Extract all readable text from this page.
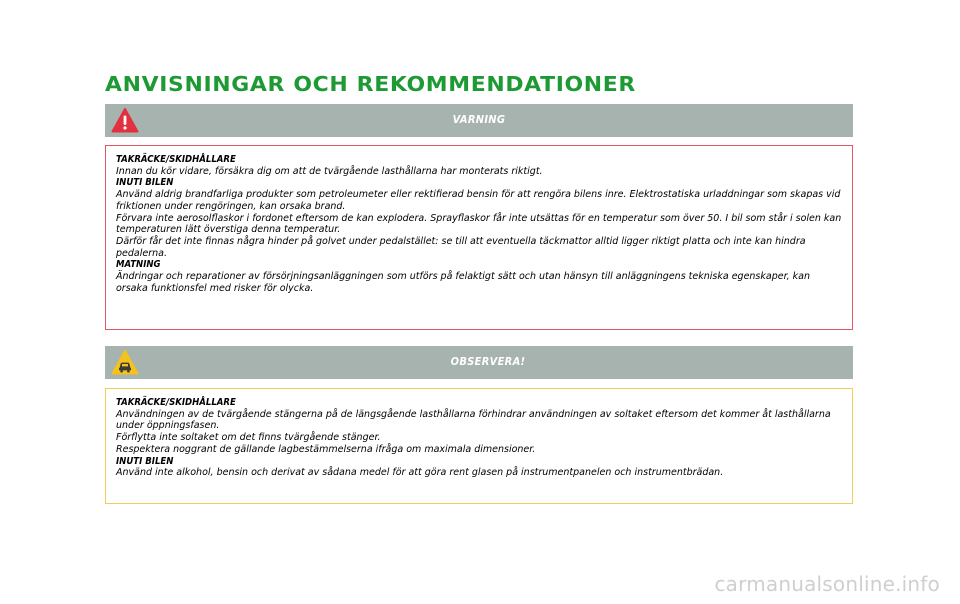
ANVISNINGAR OCH REKOMMENDATIONER
VARNING
TAKRÄCKE/SKIDHÅLLARE
Innan du kör vidare, försäkra dig om att de tvärgående lasthållarna har monterats riktigt.
INUTI BILEN
Använd aldrig brandfarliga produkter som petroleumeter eller rektifierad bensin för att rengöra bilens inre. Elektrostatiska urladdningar som skapas vid friktionen under rengöringen, kan orsaka brand.
Förvara inte aerosolflaskor i fordonet eftersom de kan explodera. Sprayflaskor får inte utsättas för en temperatur som över 50. I bil som står i solen kan temperaturen lätt överstiga denna temperatur.
Därför får det inte finnas några hinder på golvet under pedalstället: se till att eventuella täckmattor alltid ligger riktigt platta och inte kan hindra pedalerna.
MATNING
Ändringar och reparationer av försörjningsanläggningen som utförs på felaktigt sätt och utan hänsyn till anläggningens tekniska egenskaper, kan orsaka funktionsfel med risker för olycka.
OBSERVERA!
TAKRÄCKE/SKIDHÅLLARE
Användningen av de tvärgående stängerna på de längsgående lasthållarna förhindrar användningen av soltaket eftersom det kommer åt lasthållarna under öppningsfasen.
Förflytta inte soltaket om det finns tvärgående stänger.
Respektera noggrant de gällande lagbestämmelserna ifråga om maximala dimensioner.
INUTI BILEN
Använd inte alkohol, bensin och derivat av sådana medel för att göra rent glasen på instrumentpanelen och instrumentbrädan.
carmanualsonline.info
